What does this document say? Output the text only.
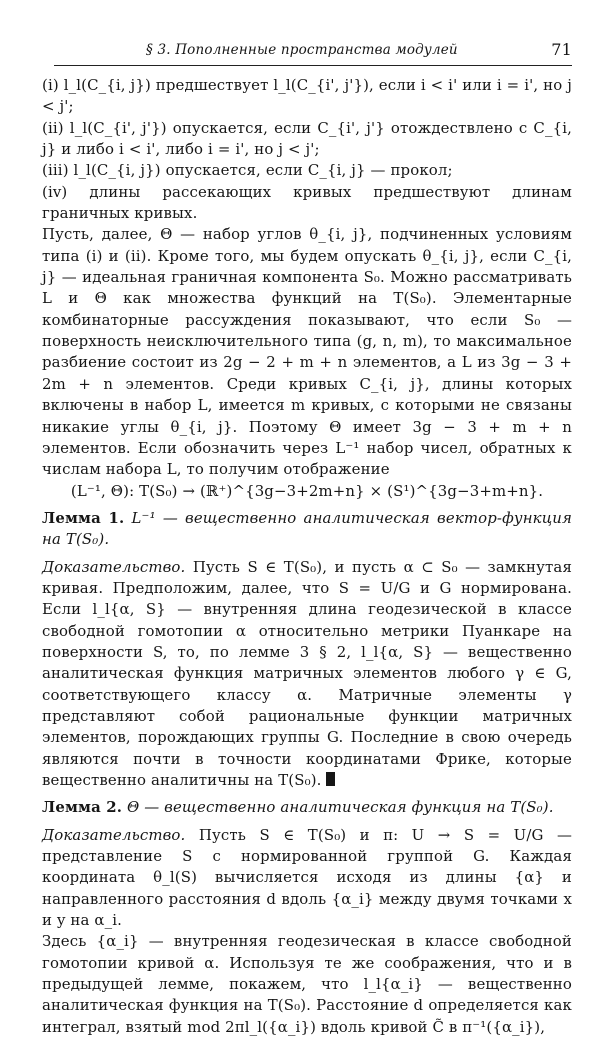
§ 3. Пополненные пространства модулей	71

(i) l_l(C_{i, j}) предшествует l_l(C_{i', j'}), если i < i' или i = i', но j < j';

(ii) l_l(C_{i', j'}) опускается, если C_{i', j'} отождествлено с C_{i, j} и либо i < i', либо i = i', но j < j';

(iii) l_l(C_{i, j}) опускается, если C_{i, j} — прокол;

(iv) длины рассекающих кривых предшествуют длинам граничных кривых.

Пусть, далее, Θ — набор углов θ_{i, j}, подчиненных условиям типа (i) и (ii). Кроме того, мы будем опускать θ_{i, j}, если C_{i, j} — идеальная граничная компонента S₀. Можно рассматривать L и Θ как множества функций на T(S₀). Элементарные комбинаторные рассуждения показывают, что если S₀ — поверхность неисключительного типа (g, n, m), то максимальное разбиение состоит из 2g − 2 + m + n элементов, а L из 3g − 3 + 2m + n элементов. Среди кривых C_{i, j}, длины которых включены в набор L, имеется m кривых, с которыми не связаны никакие углы θ_{i, j}. Поэтому Θ имеет 3g − 3 + m + n элементов. Если обозначить через L⁻¹ набор чисел, обратных к числам набора L, то получим отображение

(L⁻¹, Θ): T(S₀) → (ℝ⁺)^{3g−3+2m+n} × (S¹)^{3g−3+m+n}.

Лемма 1. L⁻¹ — вещественно аналитическая вектор-функция на T(S₀).

Доказательство. Пусть S ∈ T(S₀), и пусть α ⊂ S₀ — замкнутая кривая. Предположим, далее, что S = U/G и G нормирована. Если l_l{α, S} — внутренняя длина геодезической в классе свободной гомотопии α относительно метрики Пуанкаре на поверхности S, то, по лемме 3 § 2, l_l{α, S} — вещественно аналитическая функция матричных элементов любого γ ∈ G, соответствующего классу α. Матричные элементы γ представляют собой рациональные функции матричных элементов, порождающих группы G. Последние в свою очередь являются почти в точности координатами Фрике, которые вещественно аналитичны на T(S₀).

Лемма 2. Θ — вещественно аналитическая функция на T(S₀).

Доказательство. Пусть S ∈ T(S₀) и π: U → S = U/G — представление S с нормированной группой G. Каждая координата θ_l(S) вычисляется исходя из длины {α} и направленного расстояния d вдоль {α_i} между двумя точками x и y на α_i.

Здесь {α_i} — внутренняя геодезическая в классе свободной гомотопии кривой α. Используя те же соображения, что и в предыдущей лемме, покажем, что l_l{α_i} — вещественно аналитическая функция на T(S₀). Расстояние d определяется как интеграл, взятый mod 2πl_l({α_i}) вдоль кривой C̃ в π⁻¹({α_i}),
